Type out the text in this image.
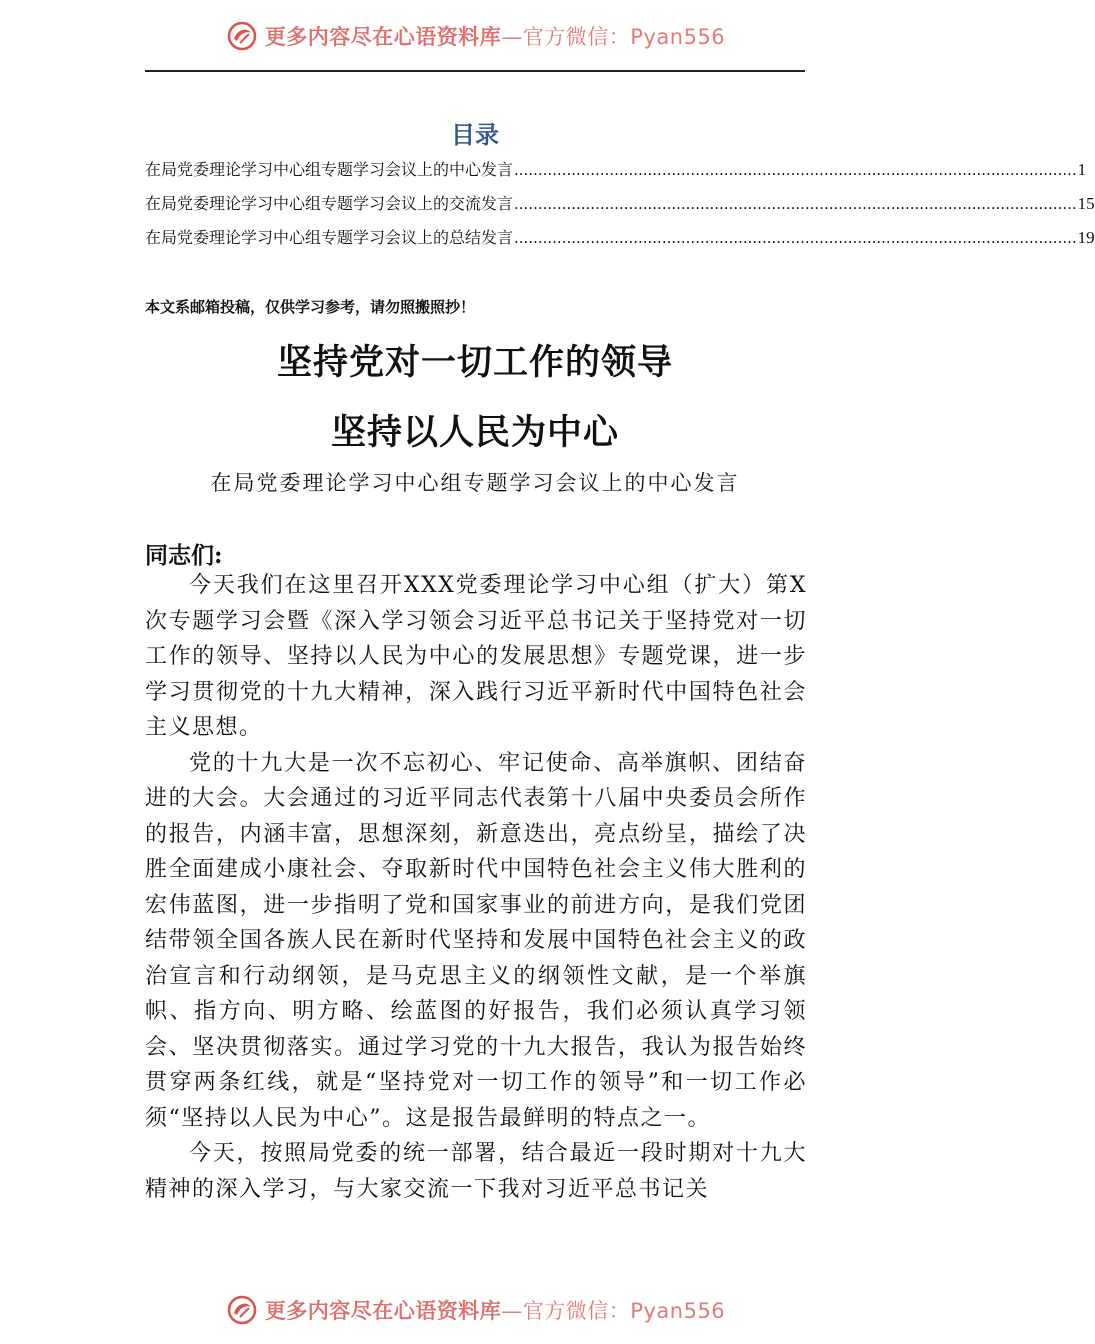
更多内容尽在心语资料库—官方微信：Pyan556
目录
在局党委理论学习中心组专题学习会议上的中心发言 ...................................................................................................................... 1
在局党委理论学习中心组专题学习会议上的交流发言 ...................................................................................................................... 15
在局党委理论学习中心组专题学习会议上的总结发言 ...................................................................................................................... 19
本文系邮箱投稿，仅供学习参考，请勿照搬照抄！
坚持党对一切工作的领导
坚持以人民为中心
在局党委理论学习中心组专题学习会议上的中心发言
同志们:

今天我们在这里召开XXX党委理论学习中心组（扩大）第X次专题学习会暨《深入学习领会习近平总书记关于坚持党对一切工作的领导、坚持以人民为中心的发展思想》专题党课，进一步学习贯彻党的十九大精神，深入践行习近平新时代中国特色社会主义思想。

党的十九大是一次不忘初心、牢记使命、高举旗帜、团结奋进的大会。大会通过的习近平同志代表第十八届中央委员会所作的报告，内涵丰富，思想深刻，新意迭出，亮点纷呈，描绘了决胜全面建成小康社会、夺取新时代中国特色社会主义伟大胜利的宏伟蓝图，进一步指明了党和国家事业的前进方向，是我们党团结带领全国各族人民在新时代坚持和发展中国特色社会主义的政治宣言和行动纲领，是马克思主义的纲领性文献，是一个举旗帜、指方向、明方略、绘蓝图的好报告，我们必须认真学习领会、坚决贯彻落实。通过学习党的十九大报告，我认为报告始终贯穿两条红线，就是“坚持党对一切工作的领导”和一切工作必须“坚持以人民为中心”。这是报告最鲜明的特点之一。

今天，按照局党委的统一部署，结合最近一段时期对十九大精神的深入学习，与大家交流一下我对习近平总书记关

更多内容尽在心语资料库—官方微信：Pyan556
